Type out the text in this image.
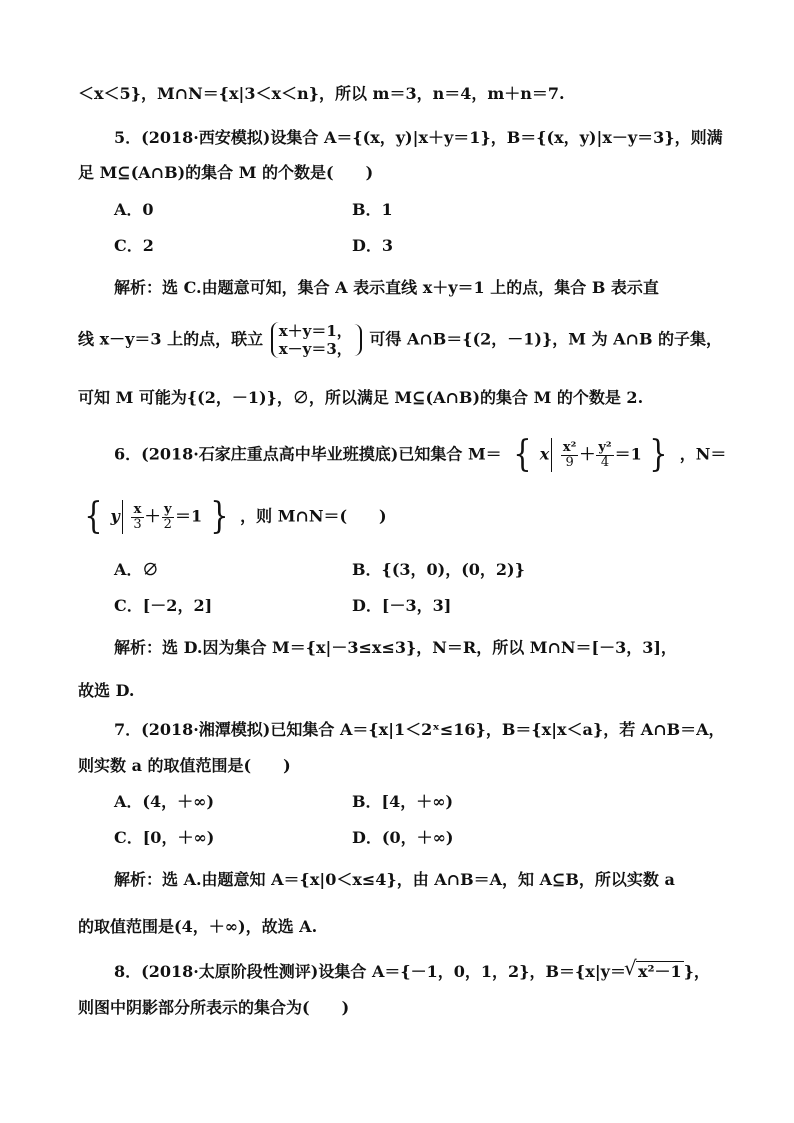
＜x＜5}，M∩N＝{x|3＜x＜n}，所以 m＝3，n＝4，m＋n＝7.
5．(2018·西安模拟)设集合 A＝{(x，y)|x＋y＝1}，B＝{(x，y)|x－y＝3}，则满
足 M⊆(A∩B)的集合 M 的个数是(　　)
A．0	B．1
C．2	D．3
解析：选 C.由题意可知，集合 A 表示直线 x＋y＝1 上的点，集合 B 表示直
线 x－y＝3 上的点，联立 x＋y＝1，
x－y＝3，
可得 A∩B＝{(2，－1)}，M 为 A∩B 的子集，
可知 M 可能为{(2，－1)}，∅，所以满足 M⊆(A∩B)的集合 M 的个数是 2.
6．(2018·石家庄重点高中毕业班摸底)已知集合 M＝ { x $\frac{\text{x²}}{9} + \frac{\text{y²}}{4} =1$ } ，N＝
{ y $\frac{x}{3} + \frac{y}{2} =1$ } ，则 M∩N＝(　　)
A．∅	B．{(3，0)，(0，2)}
C．[－2，2]	D．[－3，3]
解析：选 D.因为集合 M＝{x|－3≤x≤3}，N＝R，所以 M∩N＝[－3，3]，
故选 D.
7．(2018·湘潭模拟)已知集合 A＝{x|1＜2ˣ≤16}，B＝{x|x＜a}，若 A∩B＝A，
则实数 a 的取值范围是(　　)
A．(4，＋∞)	B．[4，＋∞)
C．[0，＋∞)	D．(0，＋∞)
解析：选 A.由题意知 A＝{x|0＜x≤4}，由 A∩B＝A，知 A⊆B，所以实数 a
的取值范围是(4，＋∞)，故选 A.
8．(2018·太原阶段性测评)设集合 A＝{－1，0，1，2}，B＝{x|y＝√ x²－1 }，
则图中阴影部分所表示的集合为(　　)
